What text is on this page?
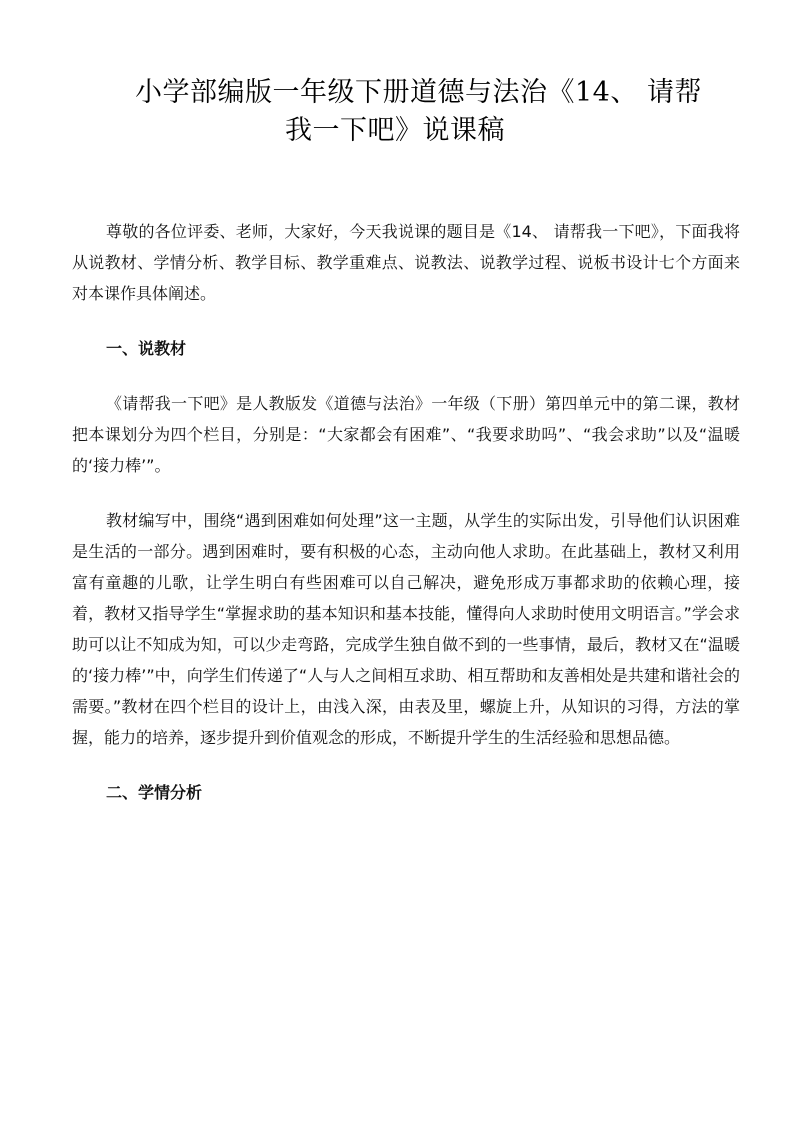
小学部编版一年级下册道德与法治《14、 请帮
我一下吧》说课稿

尊敬的各位评委、老师，大家好，今天我说课的题目是《14、 请帮我一下吧》，下面我将从说教材、学情分析、教学目标、教学重难点、说教法、说教学过程、说板书设计七个方面来对本课作具体阐述。

一、说教材

《请帮我一下吧》是人教版发《道德与法治》一年级（下册）第四单元中的第二课，教材把本课划分为四个栏目，分别是：“大家都会有困难”、“我要求助吗”、“我会求助”以及“温暖的‘接力棒’”。

教材编写中，围绕“遇到困难如何处理”这一主题，从学生的实际出发，引导他们认识困难是生活的一部分。遇到困难时，要有积极的心态，主动向他人求助。在此基础上，教材又利用富有童趣的儿歌，让学生明白有些困难可以自己解决，避免形成万事都求助的依赖心理，接着，教材又指导学生“掌握求助的基本知识和基本技能，懂得向人求助时使用文明语言。”学会求助可以让不知成为知，可以少走弯路，完成学生独自做不到的一些事情，最后，教材又在“温暖的‘接力棒’”中，向学生们传递了“人与人之间相互求助、相互帮助和友善相处是共建和谐社会的需要。”教材在四个栏目的设计上，由浅入深，由表及里，螺旋上升，从知识的习得，方法的掌握，能力的培养，逐步提升到价值观念的形成，不断提升学生的生活经验和思想品德。

二、学情分析
